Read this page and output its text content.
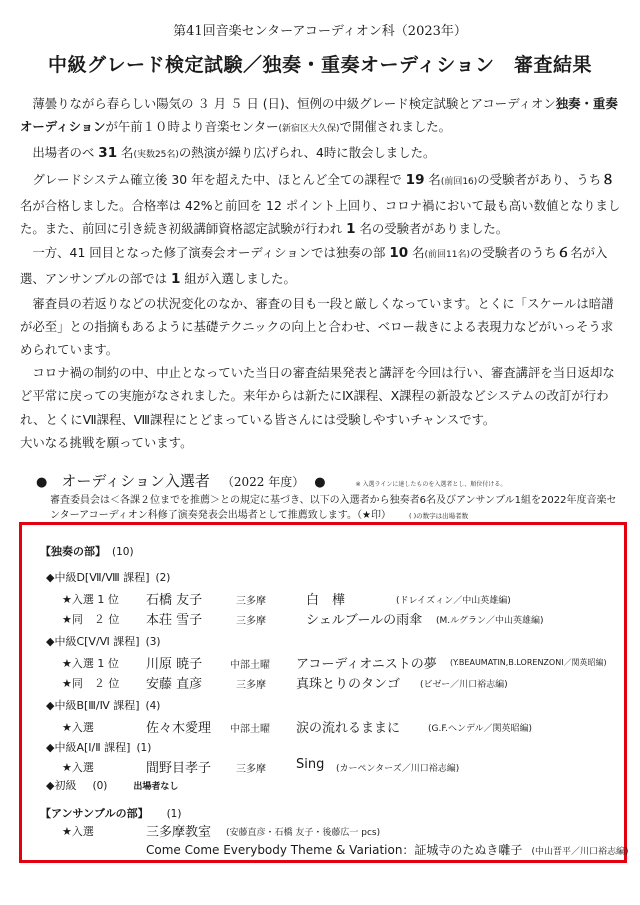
第41回音楽センターアコーディオン科（2023年）
中級グレード検定試験／独奏・重奏オーディション　審査結果

薄曇りながら春らしい陽気の ３ 月 ５ 日 (日)、恒例の中級グレード検定試験とアコーディオン独奏・重奏オーディションが午前１０時より音楽センター(新宿区大久保)で開催されました。

出場者のべ 31 名(実数25名)の熱演が繰り広げられ、4時に散会しました。

グレードシステム確立後 30 年を超えた中、ほとんど全ての課程で 19 名(前回16)の受験者があり、うち８名が合格しました。合格率は 42%と前回を 12 ポイント上回り、コロナ禍において最も高い数値となりました。また、前回に引き続き初級講師資格認定試験が行われ 1 名の受験者がありました。

一方、41 回目となった修了演奏会オーディションでは独奏の部 10 名(前回11名)の受験者のうち６名が入選、アンサンブルの部では 1 組が入選しました。

審査員の若返りなどの状況変化のなか、審査の目も一段と厳しくなっています。とくに「スケールは暗譜が必至」との指摘もあるように基礎テクニックの向上と合わせ、ベロー裁きによる表現力などがいっそう求められています。

コロナ禍の制約の中、中止となっていた当日の審査結果発表と講評を今回は行い、審査講評を当日返却など平常に戻っての実施がなされました。来年からは新たにⅨ課程、Ⅹ課程の新設などシステムの改訂が行われ、とくにⅦ課程、Ⅷ課程にとどまっている皆さんには受験しやすいチャンスです。

大いなる挑戦を願っています。

● オーディション入選者 （2022 年度） ●	※ 入選ラインに達したものを入選者とし、順位付ける。
審査委員会は＜各課２位までを推薦＞との規定に基づき、以下の入選者から独奏者6名及びアンサンブル1組を2022年度音楽センターアコーディオン科修了演奏発表会出場者として推薦致します。（★印）	( )の数字は出場者数
【独奏の部】 (10)
◆中級D[Ⅶ/Ⅷ 課程] (2)
★入選 1 位 石橋 友子	三多摩	白　樺	(ドレイズィン／中山英雄編)
★同　２ 位 本荘 雪子	三多摩	シェルブールの雨傘 (M.ルグラン／中山英雄編)
◆中級C[Ⅴ/Ⅵ 課程] (3)
★入選 1 位 川原 暁子	中部土曜 アコーディオニストの夢 (Y.BEAUMATIN,B.LORENZONI／関英昭編)
★同　２ 位 安藤 直彦	三多摩 真珠とりのタンゴ (ビゼー／川口裕志編)
◆中級B[Ⅲ/Ⅳ 課程] (4)
★入選	佐々木愛理 中部土曜 涙の流れるままに	(G.F.ヘンデル／関英昭編)
◆中級A[Ⅰ/Ⅱ 課程] (1)
★入選	間野目孝子 三多摩 Sing (カーペンターズ／川口裕志編)
◆初級 (0)	出場者なし
【アンサンブルの部】 (1)
★入選	三多摩教室 (安藤直彦・石橋 友子・後藤広一 pcs)
Come Come Everybody Theme & Variation：証城寺のたぬき囃子 (中山晋平／川口裕志編)
